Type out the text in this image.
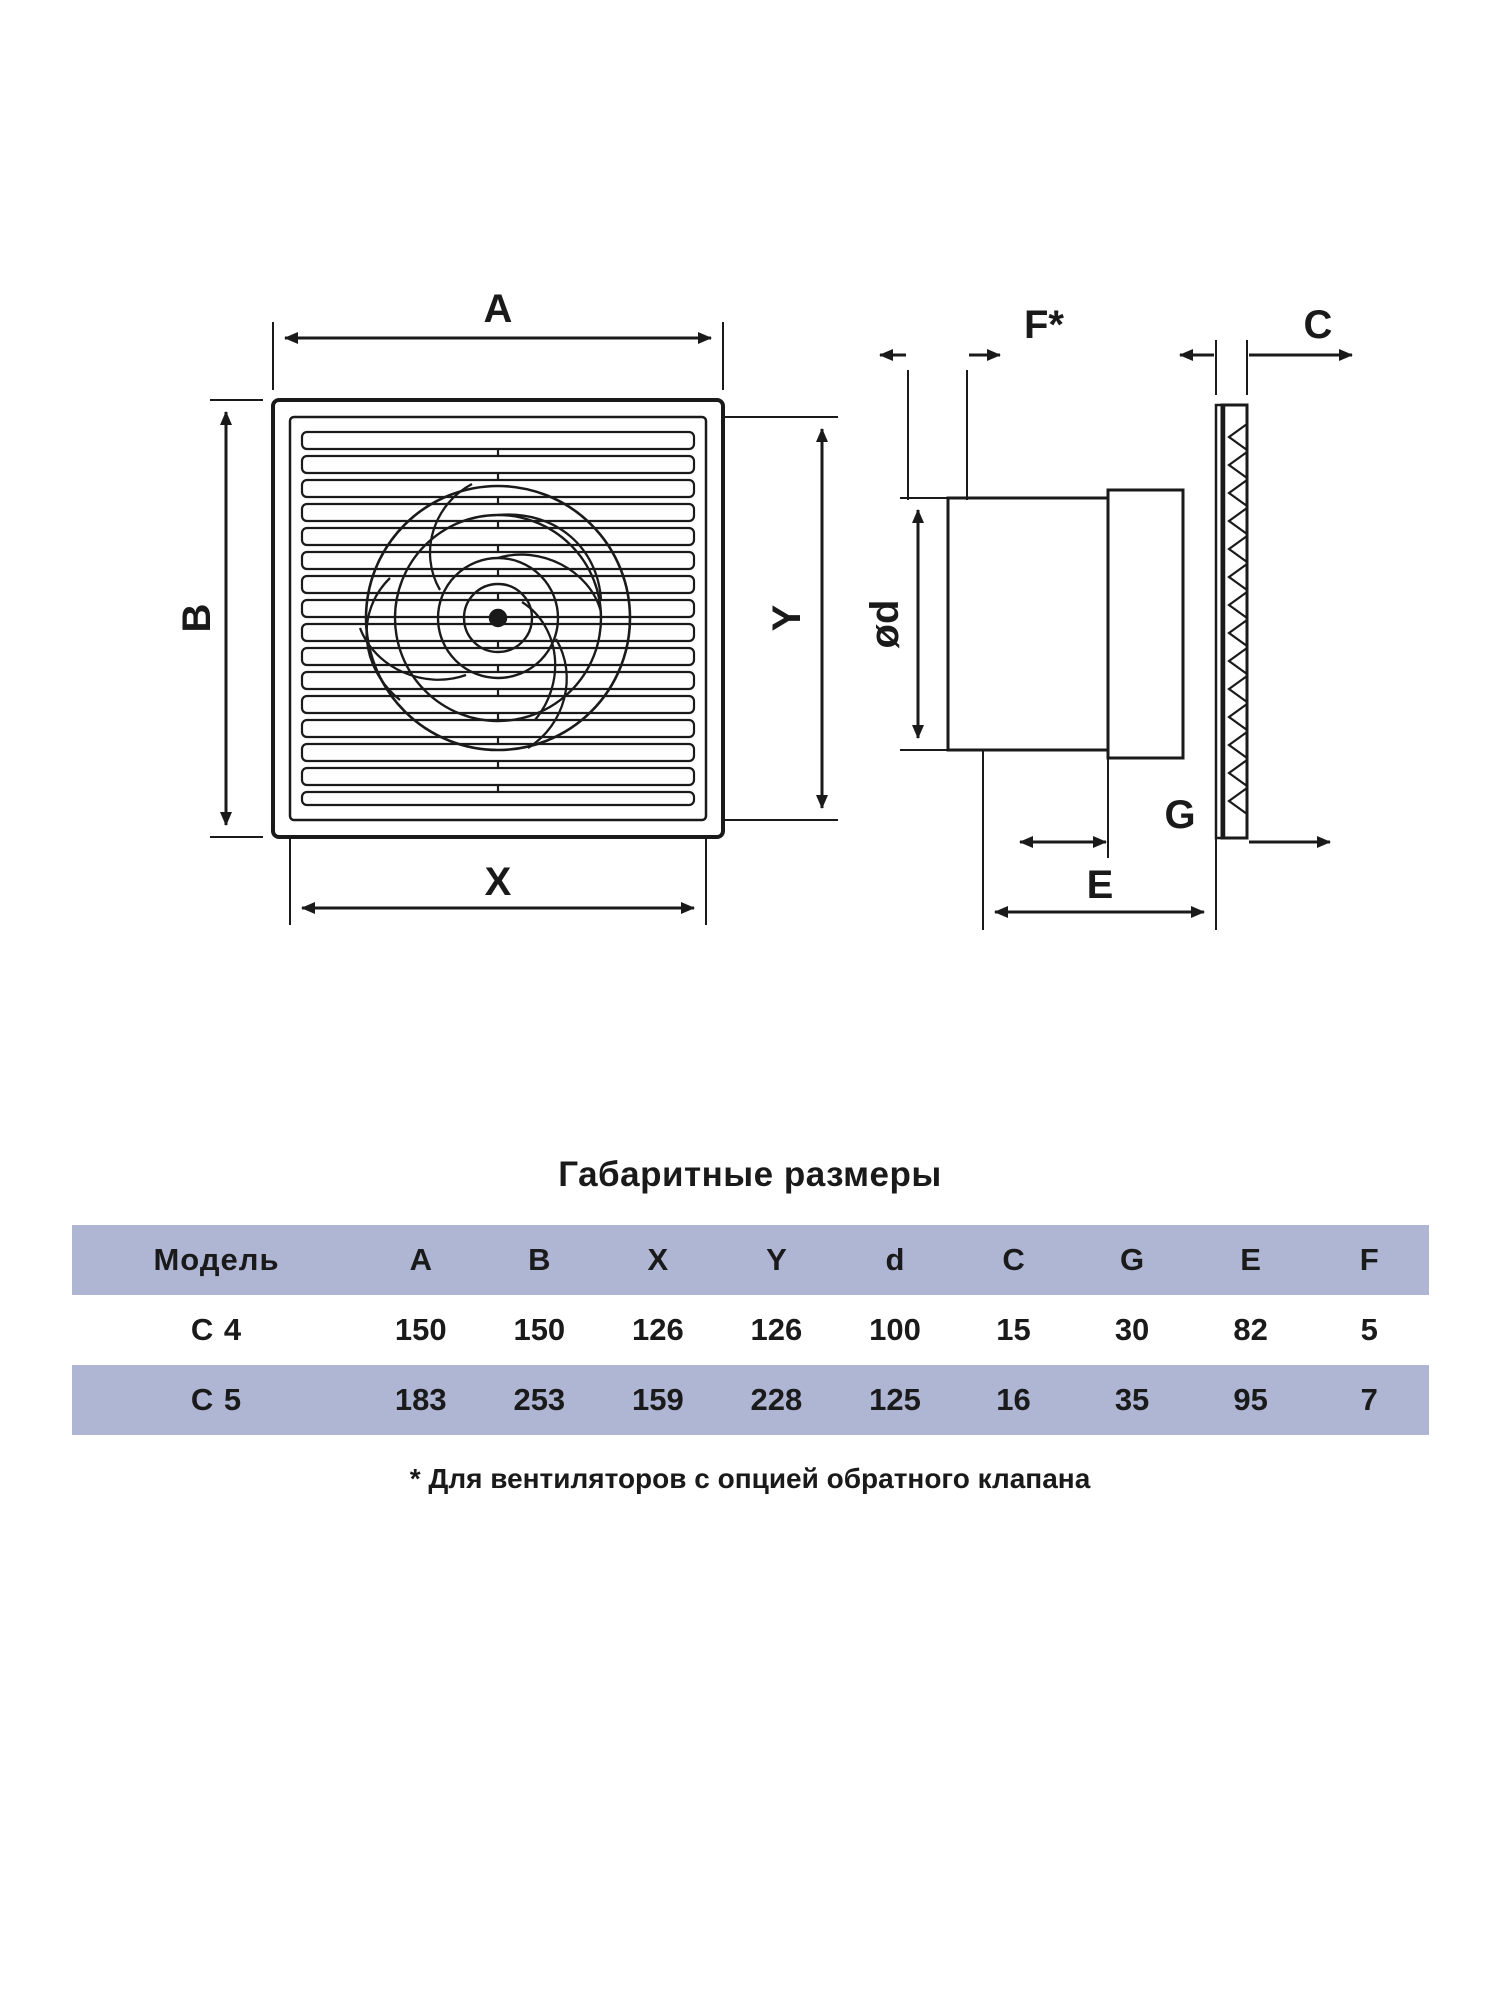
A
B	Y
X
F*	C
ød
G
E
Габаритные размеры
Модель	A	B	X	Y	d	C	G	E	F
C 4	150	150	126	126	100	15	30	82	5
C 5	183	253	159	228	125	16	35	95	7
* Для вентиляторов с опцией обратного клапана
